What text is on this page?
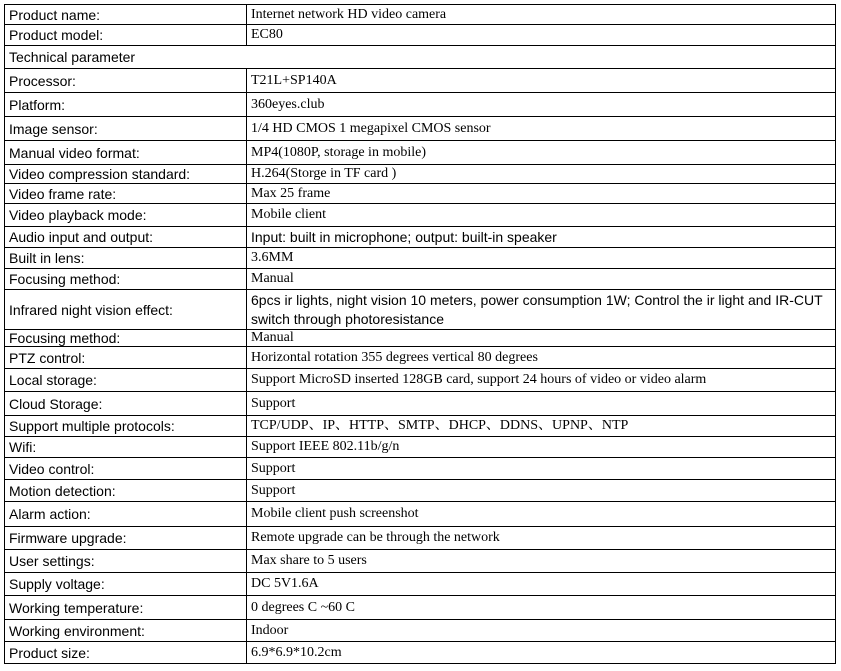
Product name:	Internet network HD video camera
Product model:	EC80
Technical parameter	
Processor:	T21L+SP140A
Platform:	360eyes.club
Image sensor:	1/4 HD CMOS 1 megapixel CMOS sensor
Manual video format:	MP4(1080P, storage in mobile)
Video compression standard:	H.264(Storge in TF card )
Video frame rate:	Max 25 frame
Video playback mode:	Mobile client
Audio input and output:	Input: built in microphone; output: built-in speaker
Built in lens:	3.6MM
Focusing method:	Manual
Infrared night vision effect:	6pcs ir lights, night vision 10 meters, power consumption 1W; Control the ir light and IR-CUT switch through photoresistance
Focusing method:	Manual
PTZ control:	Horizontal rotation 355 degrees vertical 80 degrees
Local storage:	Support MicroSD inserted 128GB card, support 24 hours of video or video alarm
Cloud Storage:	Support
Support multiple protocols:	TCP/UDP、IP、HTTP、SMTP、DHCP、DDNS、UPNP、NTP
Wifi:	Support IEEE 802.11b/g/n
Video control:	Support
Motion detection:	Support
Alarm action:	Mobile client push screenshot
Firmware upgrade:	Remote upgrade can be through the network
User settings:	Max share to 5 users
Supply voltage:	DC 5V1.6A
Working temperature:	0 degrees C ~60 C
Working environment:	Indoor
Product size:	6.9*6.9*10.2cm
